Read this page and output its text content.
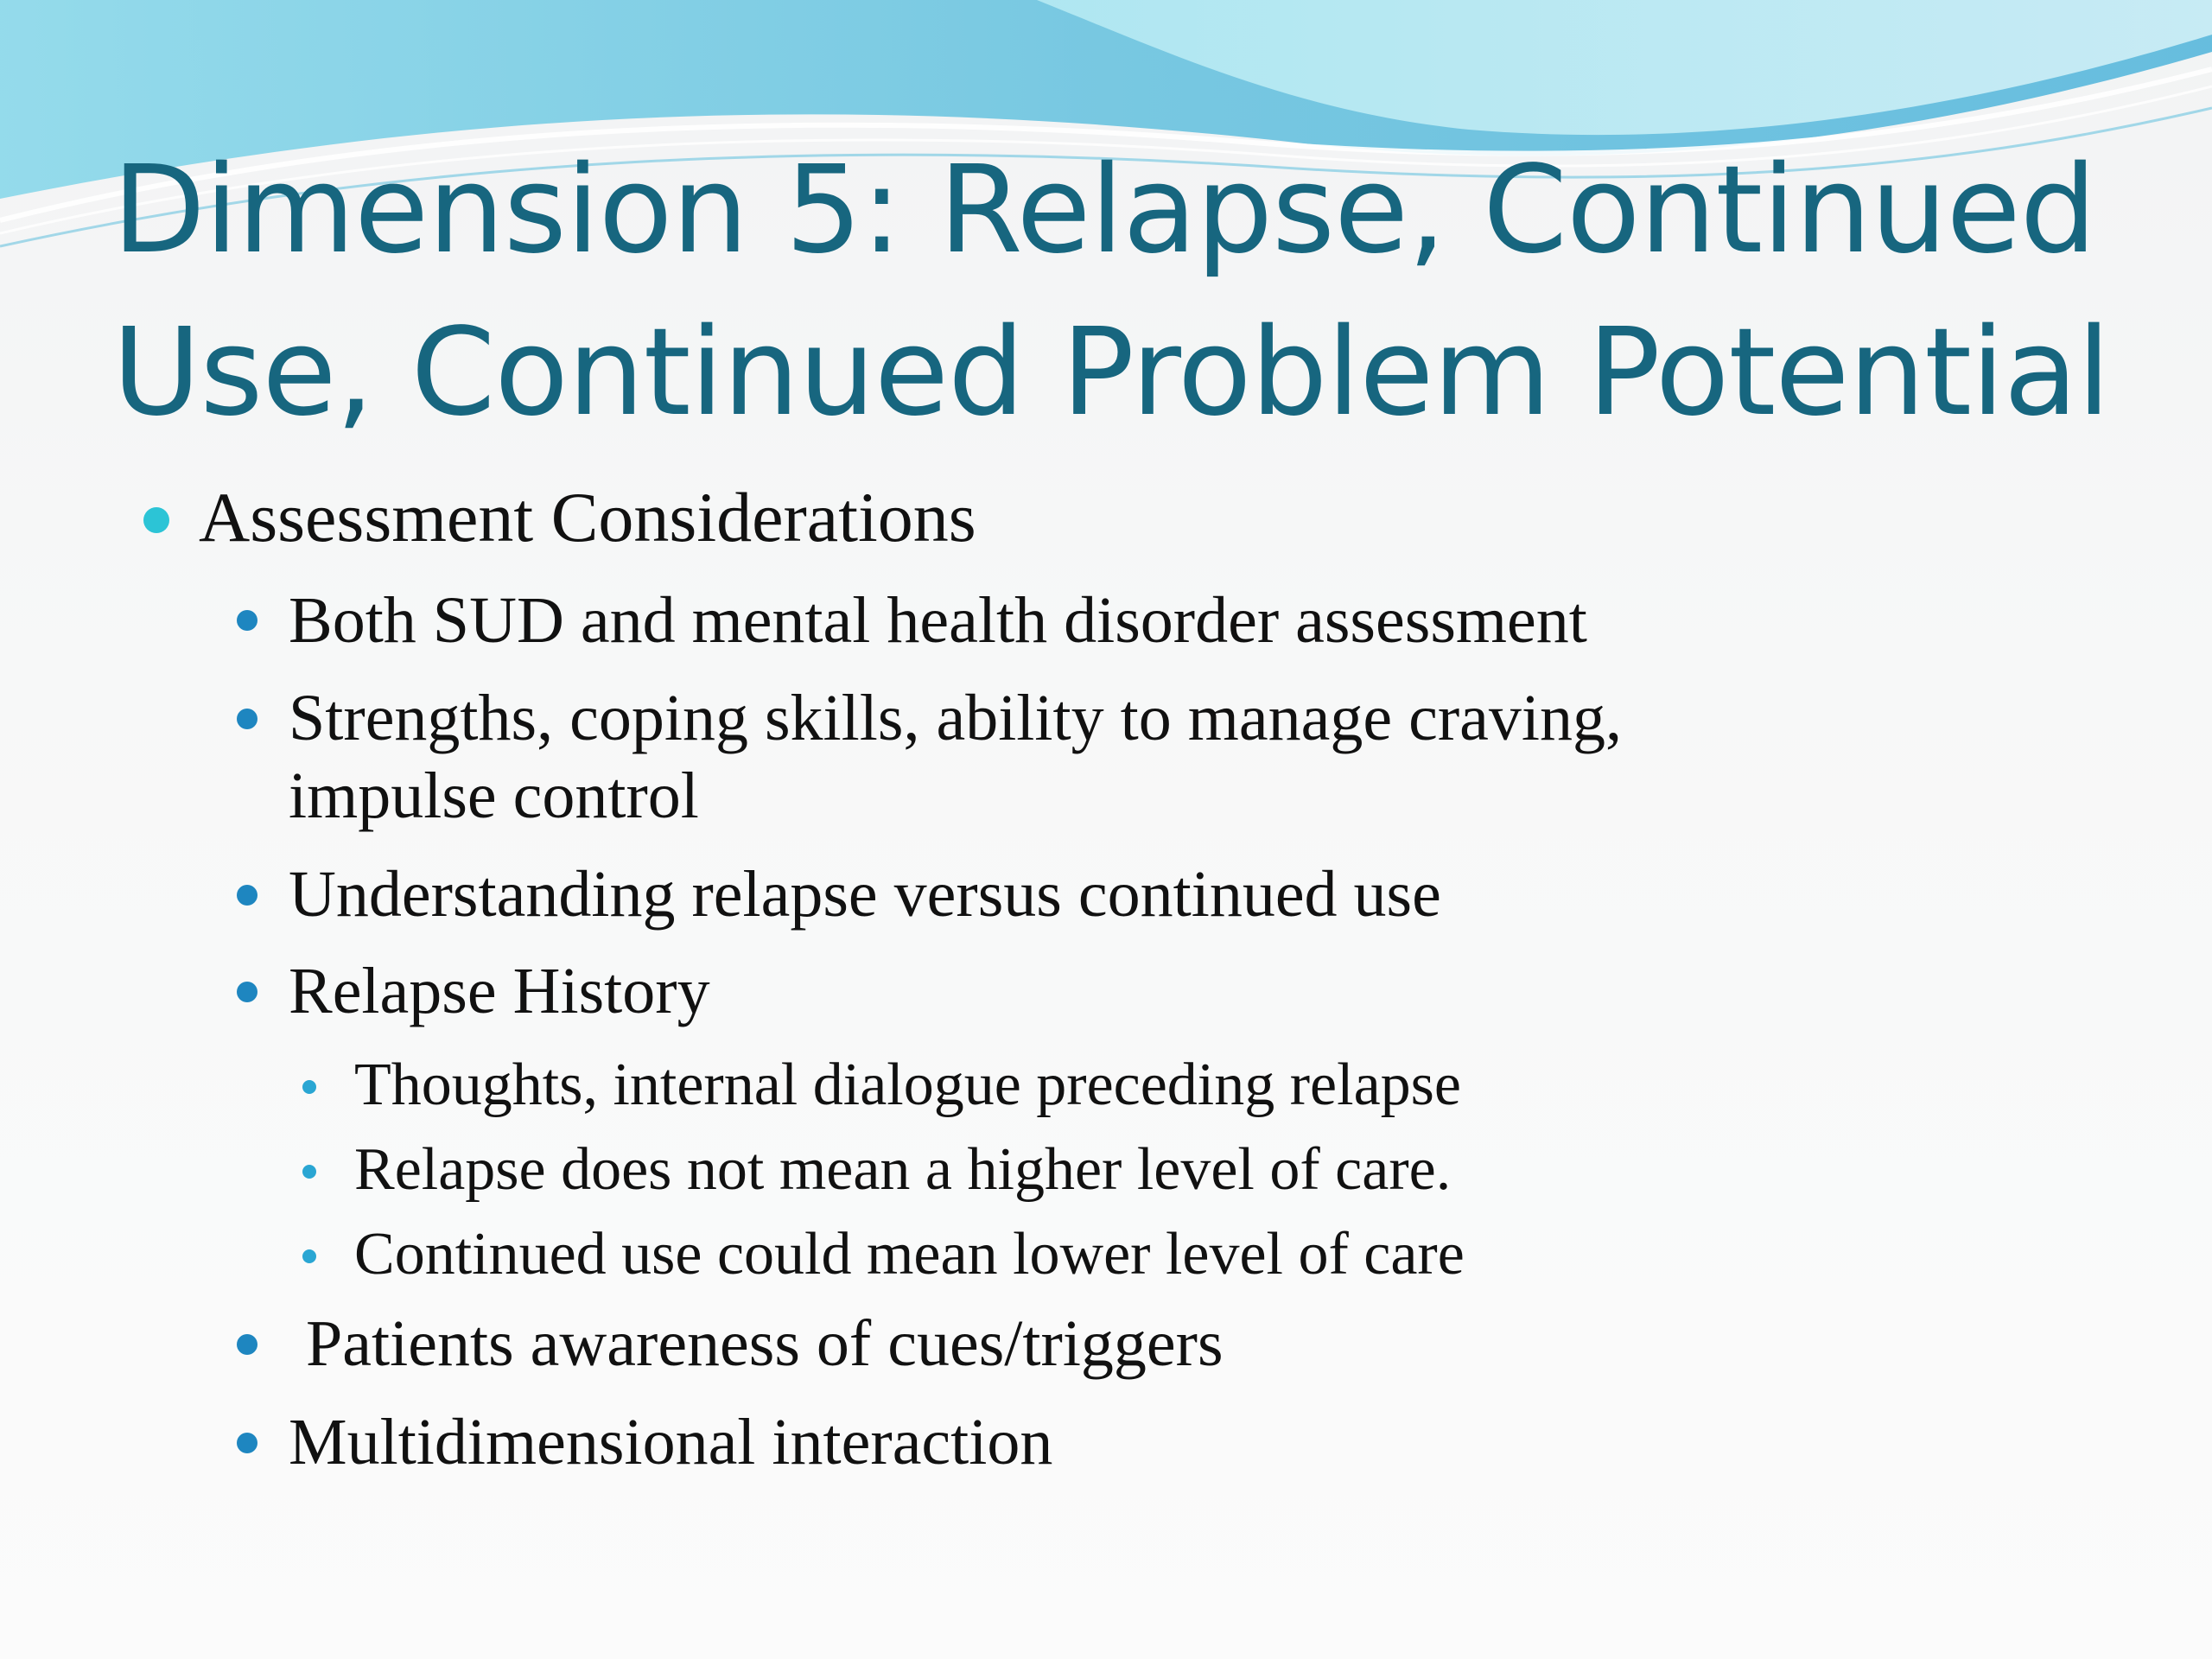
Dimension 5: Relapse, Continued
Use, Continued Problem Potential
Assessment Considerations
Both SUD and mental health disorder assessment
Strengths, coping skills, ability to manage craving,
impulse control
Understanding relapse versus continued use
Relapse History
Thoughts, internal dialogue preceding relapse
Relapse does not mean a higher level of care.
Continued use could mean lower level of care
Patients awareness of cues/triggers
Multidimensional interaction
